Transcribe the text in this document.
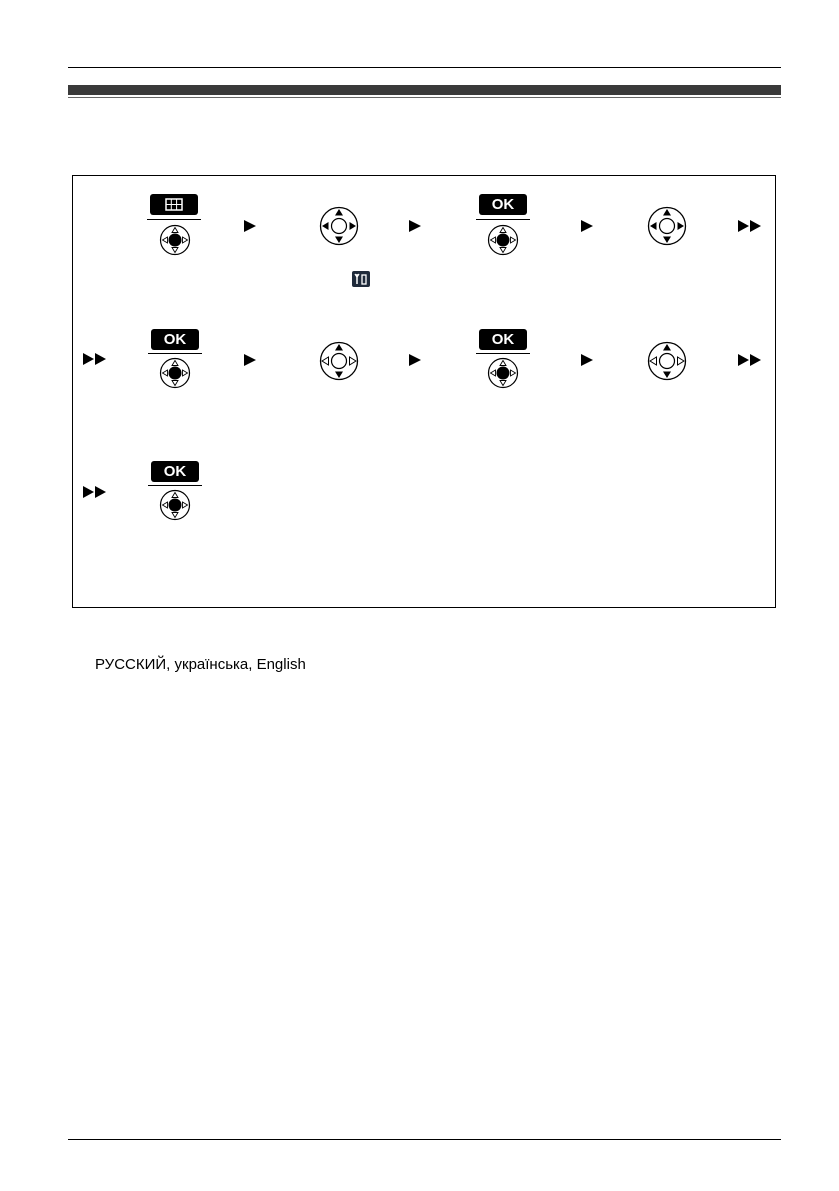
OK
OK	OK
OK
РУССКИЙ, українська, English
